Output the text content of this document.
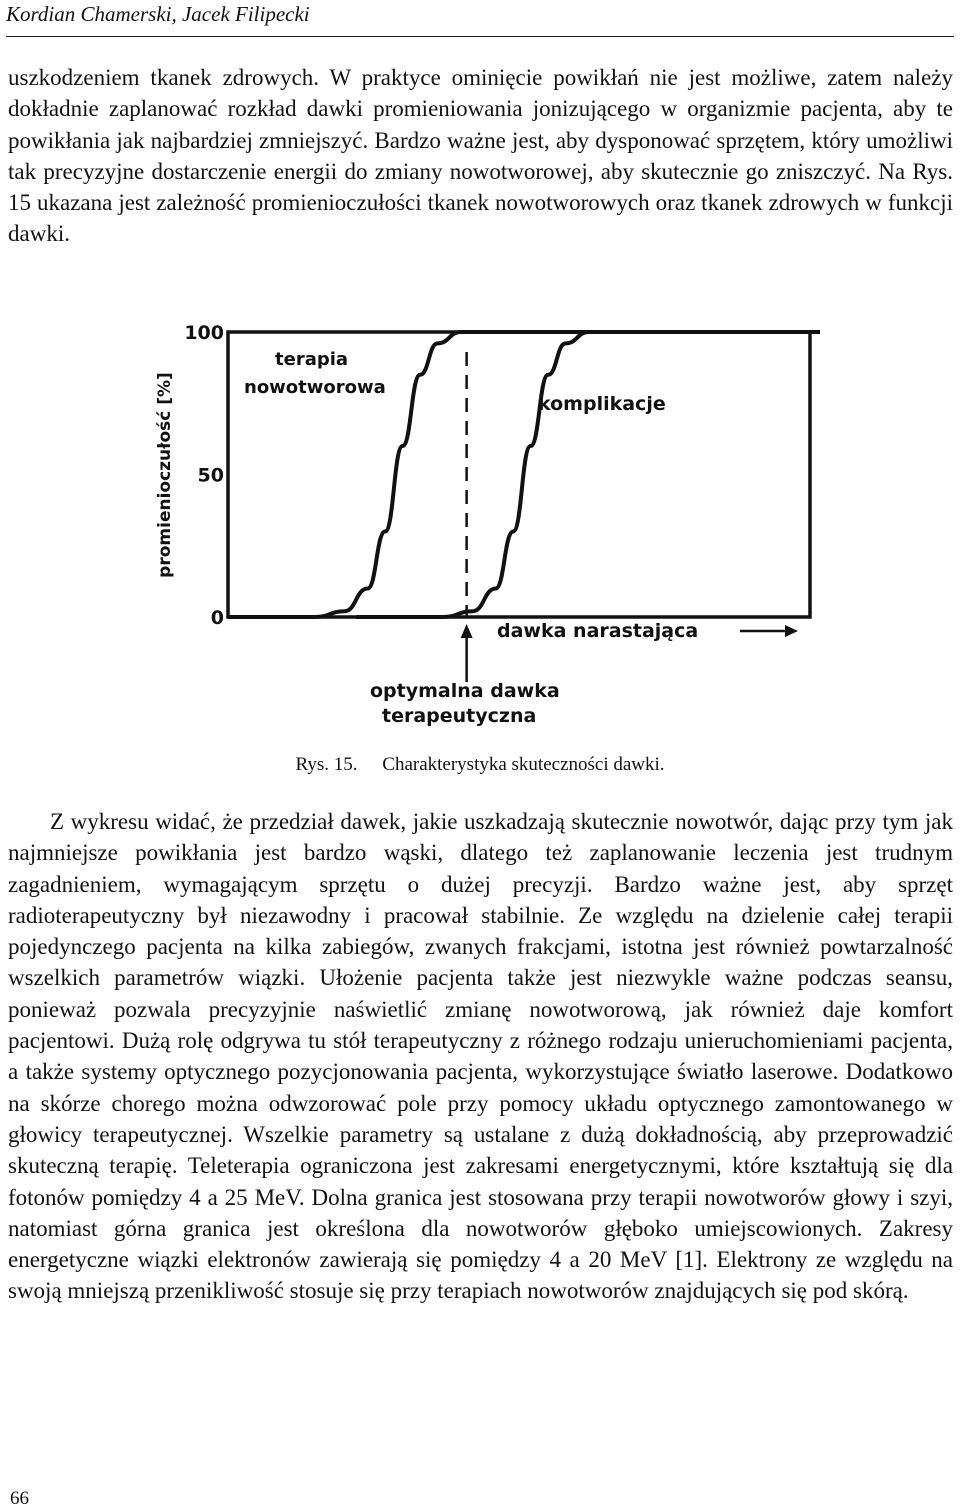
Kordian Chamerski, Jacek Filipecki

uszkodzeniem tkanek zdrowych. W praktyce ominięcie powikłań nie jest możliwe, zatem należy dokładnie zaplanować rozkład dawki promieniowania jonizującego w organizmie pacjenta, aby te powikłania jak najbardziej zmniejszyć. Bardzo ważne jest, aby dysponować sprzętem, który umożliwi tak precyzyjne dostarczenie energii do zmiany nowotworowej, aby skutecznie go zniszczyć. Na Rys. 15 ukazana jest zależność promienioczułości tkanek nowotworowych oraz tkanek zdrowych w funkcji dawki.

0
50
100
promienioczułość [%]
terapia
nowotworowa
komplikacje
dawka narastająca
optymalna dawka
terapeutyczna
Rys. 15. Charakterystyka skuteczności dawki.

Z wykresu widać, że przedział dawek, jakie uszkadzają skutecznie nowotwór, dając przy tym jak najmniejsze powikłania jest bardzo wąski, dlatego też zaplanowanie leczenia jest trudnym zagadnieniem, wymagającym sprzętu o dużej precyzji. Bardzo ważne jest, aby sprzęt radioterapeutyczny był niezawodny i pracował stabilnie. Ze względu na dzielenie całej terapii pojedynczego pacjenta na kilka zabiegów, zwanych frakcjami, istotna jest również powtarzalność wszelkich parametrów wiązki. Ułożenie pacjenta także jest niezwykle ważne podczas seansu, ponieważ pozwala precyzyjnie naświetlić zmianę nowotworową, jak również daje komfort pacjentowi. Dużą rolę odgrywa tu stół terapeutyczny z różnego rodzaju unieruchomieniami pacjenta, a także systemy optycznego pozycjonowania pacjenta, wykorzystujące światło laserowe. Dodatkowo na skórze chorego można odwzorować pole przy pomocy układu optycznego zamontowanego w głowicy terapeutycznej. Wszelkie parametry są ustalane z dużą dokładnością, aby przeprowadzić skuteczną terapię. Teleterapia ograniczona jest zakresami energetycznymi, które kształtują się dla fotonów pomiędzy 4 a 25 MeV. Dolna granica jest stosowana przy terapii nowotworów głowy i szyi, natomiast górna granica jest określona dla nowotworów głęboko umiejscowionych. Zakresy energetyczne wiązki elektronów zawierają się pomiędzy 4 a 20 MeV [1]. Elektrony ze względu na swoją mniejszą przenikliwość stosuje się przy terapiach nowotworów znajdujących się pod skórą.

66
